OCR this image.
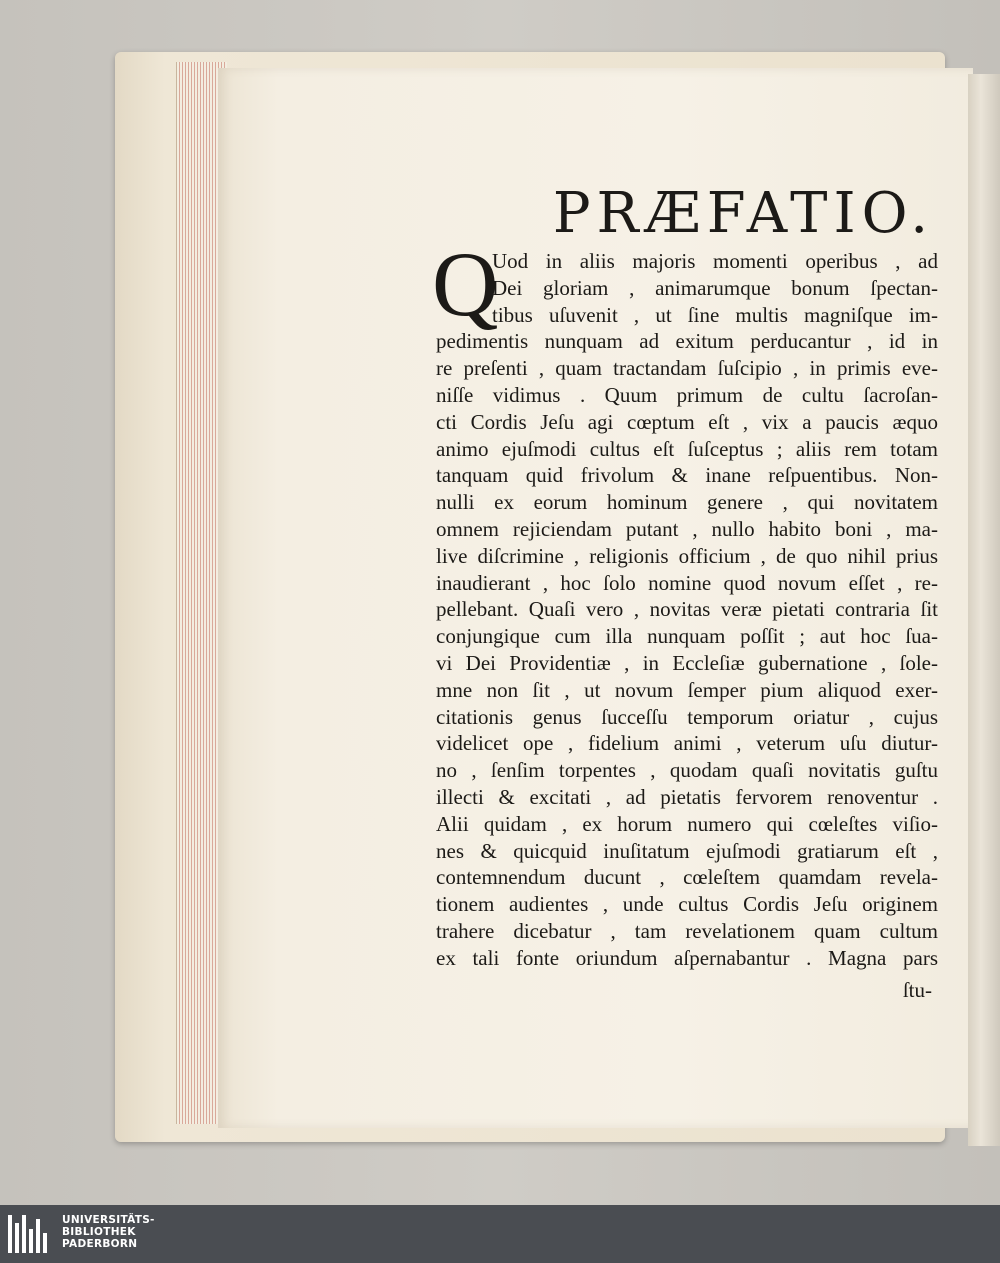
PRÆFATIO.
Q
Uod in aliis majoris momenti operibus , ad
Dei gloriam , animarumque bonum ſpectan-
tibus uſuvenit , ut ſine multis magniſque im-
pedimentis nunquam ad exitum perducantur , id in
re preſenti , quam tractandam ſuſcipio , in primis eve-
niſſe vidimus . Quum primum de cultu ſacroſan-
cti Cordis Jeſu agi cœptum eſt , vix a paucis æquo
animo ejuſmodi cultus eſt ſuſceptus ; aliis rem totam
tanquam quid frivolum & inane reſpuentibus. Non-
nulli ex eorum hominum genere , qui novitatem
omnem rejiciendam putant , nullo habito boni , ma-
live diſcrimine , religionis officium , de quo nihil prius
inaudierant , hoc ſolo nomine quod novum eſſet , re-
pellebant. Quaſi vero , novitas veræ pietati contraria ſit
conjungique cum illa nunquam poſſit ; aut hoc ſua-
vi Dei Providentiæ , in Eccleſiæ gubernatione , ſole-
mne non ſit , ut novum ſemper pium aliquod exer-
citationis genus ſucceſſu temporum oriatur , cujus
videlicet ope , fidelium animi , veterum uſu diutur-
no , ſenſim torpentes , quodam quaſi novitatis guſtu
illecti & excitati , ad pietatis fervorem renoventur .
Alii quidam , ex horum numero qui cœleſtes viſio-
nes & quicquid inuſitatum ejuſmodi gratiarum eſt ,
contemnendum ducunt , cœleſtem quamdam revela-
tionem audientes , unde cultus Cordis Jeſu originem
trahere dicebatur , tam revelationem quam cultum
ex tali fonte oriundum aſpernabantur . Magna pars
ſtu-
UNIVERSITÄTS-
BIBLIOTHEK
PADERBORN
